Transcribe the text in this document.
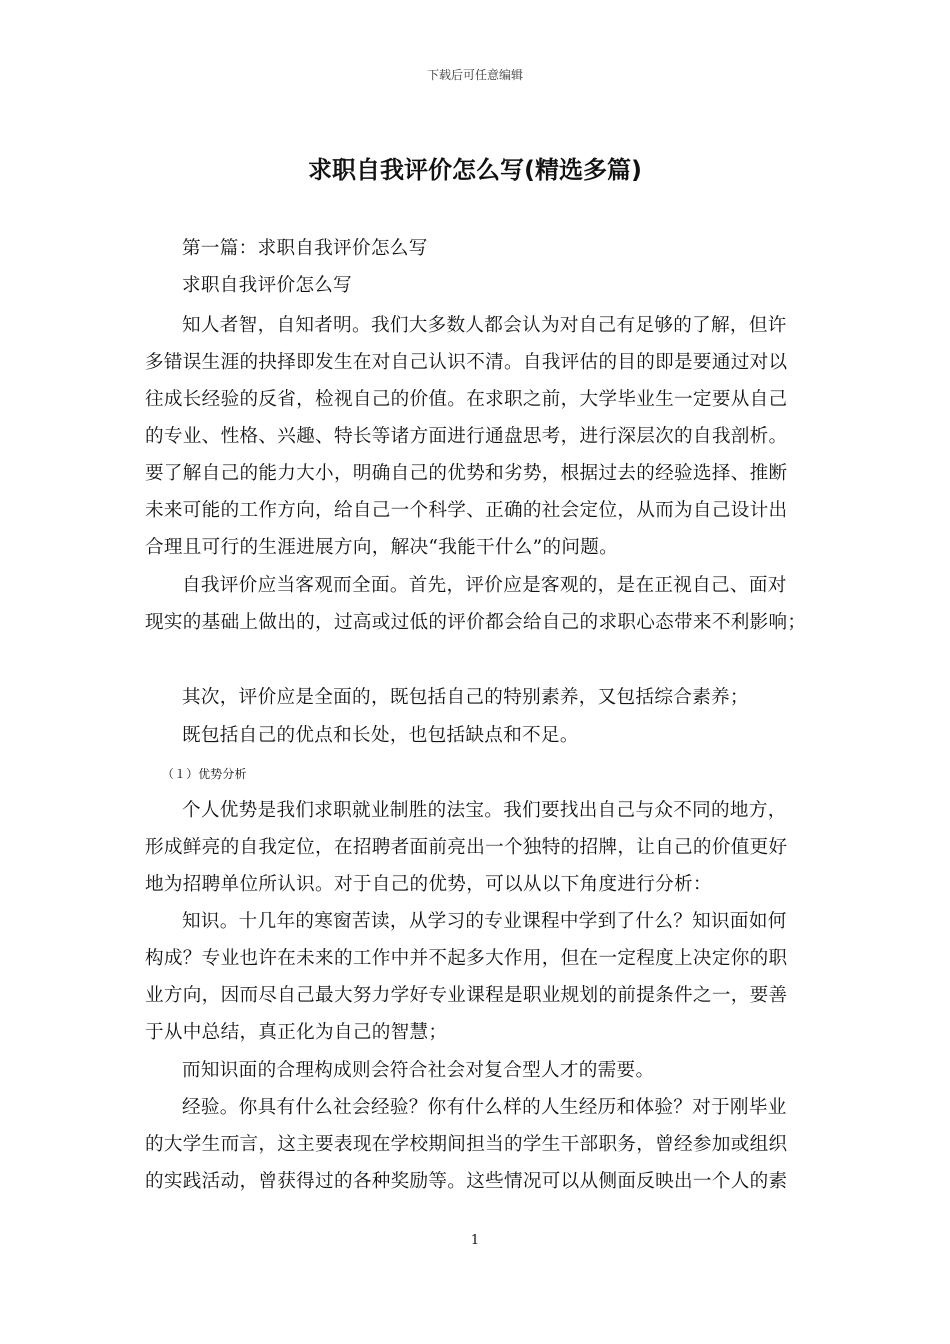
下载后可任意编辑
求职自我评价怎么写(精选多篇)
第一篇：求职自我评价怎么写
求职自我评价怎么写
知人者智，自知者明。我们大多数人都会认为对自己有足够的了解，但许
多错误生涯的抉择即发生在对自己认识不清。自我评估的目的即是要通过对以
往成长经验的反省，检视自己的价值。在求职之前，大学毕业生一定要从自己
的专业、性格、兴趣、特长等诸方面进行通盘思考，进行深层次的自我剖析。
要了解自己的能力大小，明确自己的优势和劣势，根据过去的经验选择、推断
未来可能的工作方向，给自己一个科学、正确的社会定位，从而为自己设计出
合理且可行的生涯进展方向，解决“我能干什么”的问题。
自我评价应当客观而全面。首先，评价应是客观的，是在正视自己、面对
现实的基础上做出的，过高或过低的评价都会给自己的求职心态带来不利影响；
其次，评价应是全面的，既包括自己的特别素养，又包括综合素养；
既包括自己的优点和长处，也包括缺点和不足。
（１）优势分析
个人优势是我们求职就业制胜的法宝。我们要找出自己与众不同的地方，
形成鲜亮的自我定位，在招聘者面前亮出一个独特的招牌，让自己的价值更好
地为招聘单位所认识。对于自己的优势，可以从以下角度进行分析：
知识。十几年的寒窗苦读，从学习的专业课程中学到了什么？知识面如何
构成？专业也许在未来的工作中并不起多大作用，但在一定程度上决定你的职
业方向，因而尽自己最大努力学好专业课程是职业规划的前提条件之一，要善
于从中总结，真正化为自己的智慧；
而知识面的合理构成则会符合社会对复合型人才的需要。
经验。你具有什么社会经验？你有什么样的人生经历和体验？对于刚毕业
的大学生而言，这主要表现在学校期间担当的学生干部职务，曾经参加或组织
的实践活动，曾获得过的各种奖励等。这些情况可以从侧面反映出一个人的素
1
